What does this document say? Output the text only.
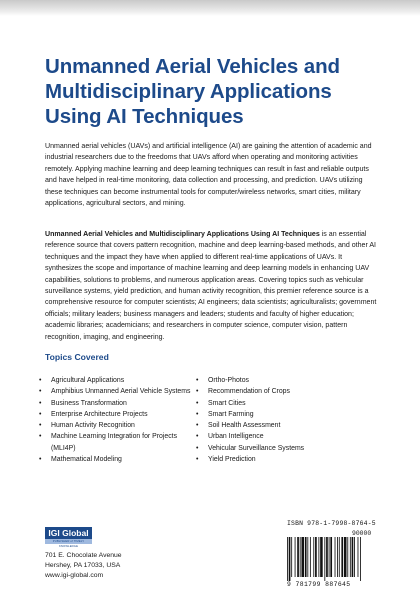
Unmanned Aerial Vehicles and
Multidisciplinary Applications
Using AI Techniques

Unmanned aerial vehicles (UAVs) and artificial intelligence (AI) are gaining the attention of academic and industrial researchers due to the freedoms that UAVs afford when operating and monitoring activities remotely. Applying machine learning and deep learning techniques can result in fast and reliable outputs and have helped in real-time monitoring, data collection and processing, and prediction. UAVs utilizing these techniques can become instrumental tools for computer/wireless networks, smart cities, military applications, agricultural sectors, and mining.

Unmanned Aerial Vehicles and Multidisciplinary Applications Using AI Techniques is an essential reference source that covers pattern recognition, machine and deep learning-based methods, and other AI techniques and the impact they have when applied to different real-time applications of UAVs. It synthesizes the scope and importance of machine learning and deep learning models in enhancing UAV capabilities, solutions to problems, and numerous application areas. Covering topics such as vehicular surveillance systems, yield prediction, and human activity recognition, this premier reference source is a comprehensive resource for computer scientists; AI engineers; data scientists; agriculturalists; government officials; military leaders; business managers and leaders; students and faculty of higher education; academic libraries; academicians; and researchers in computer science, computer vision, pattern recognition, imaging, and engineering.

Topics Covered
• Agricultural Applications
• Amphibius Unmanned Aerial Vehicle Systems
• Business Transformation
• Enterprise Architecture Projects
• Human Activity Recognition
• Machine Learning Integration for Projects (MLI4P)
• Mathematical Modeling
• Ortho-Photos
• Recommendation of Crops
• Smart Cities
• Smart Farming
• Soil Health Assessment
• Urban Intelligence
• Vehicular Surveillance Systems
• Yield Prediction
IGI Global
PUBLISHER of TIMELY KNOWLEDGE

701 E. Chocolate Avenue
Hershey, PA 17033, USA
www.igi-global.com

ISBN 978-1-7998-8764-5

90000

9 781799 887645
